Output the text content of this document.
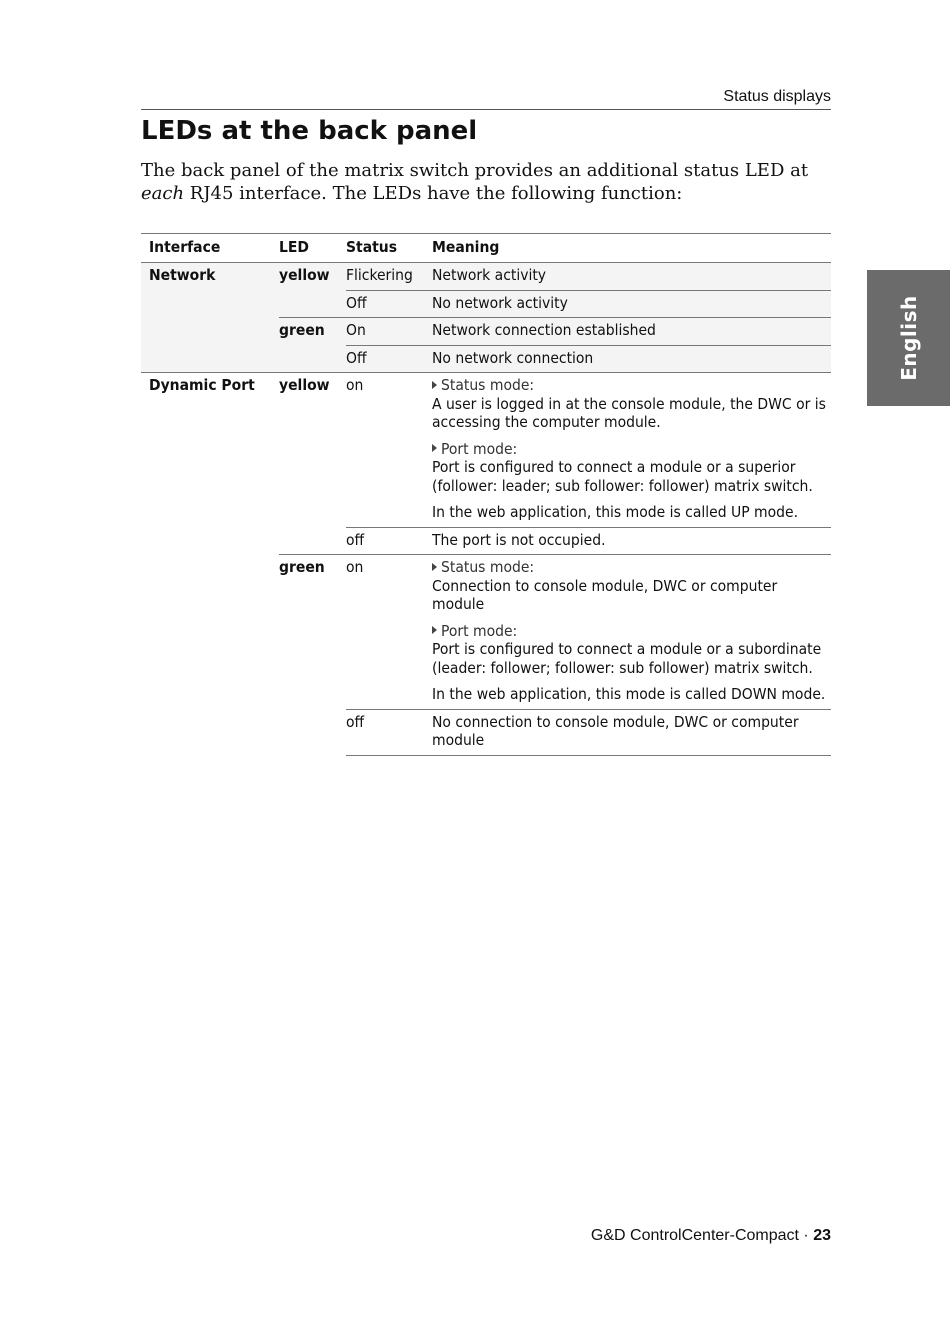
Status displays
English
LEDs at the back panel

The back panel of the matrix switch provides an additional status LED at each RJ45 interface. The LEDs have the following function:

Interface	LED	Status	Meaning
Network	yellow	Flickering	Network activity
		Off	No network activity
	green	On	Network connection established
		Off	No network connection
Dynamic Port	yellow	on	Status mode:
A user is logged in at the console module, the DWC or is accessing the computer module.
Port mode:
Port is configured to connect a module or a superior (follower: leader; sub follower: follower) matrix switch.
In the web application, this mode is called UP mode.

		off	The port is not occupied.
	green	on	Status mode:
Connection to console module, DWC or computer module
Port mode:
Port is configured to connect a module or a subordinate (leader: follower; follower: sub follower) matrix switch.
In the web application, this mode is called DOWN mode.

		off	No connection to console module, DWC or computer module
G&D ControlCenter-Compact · 23
